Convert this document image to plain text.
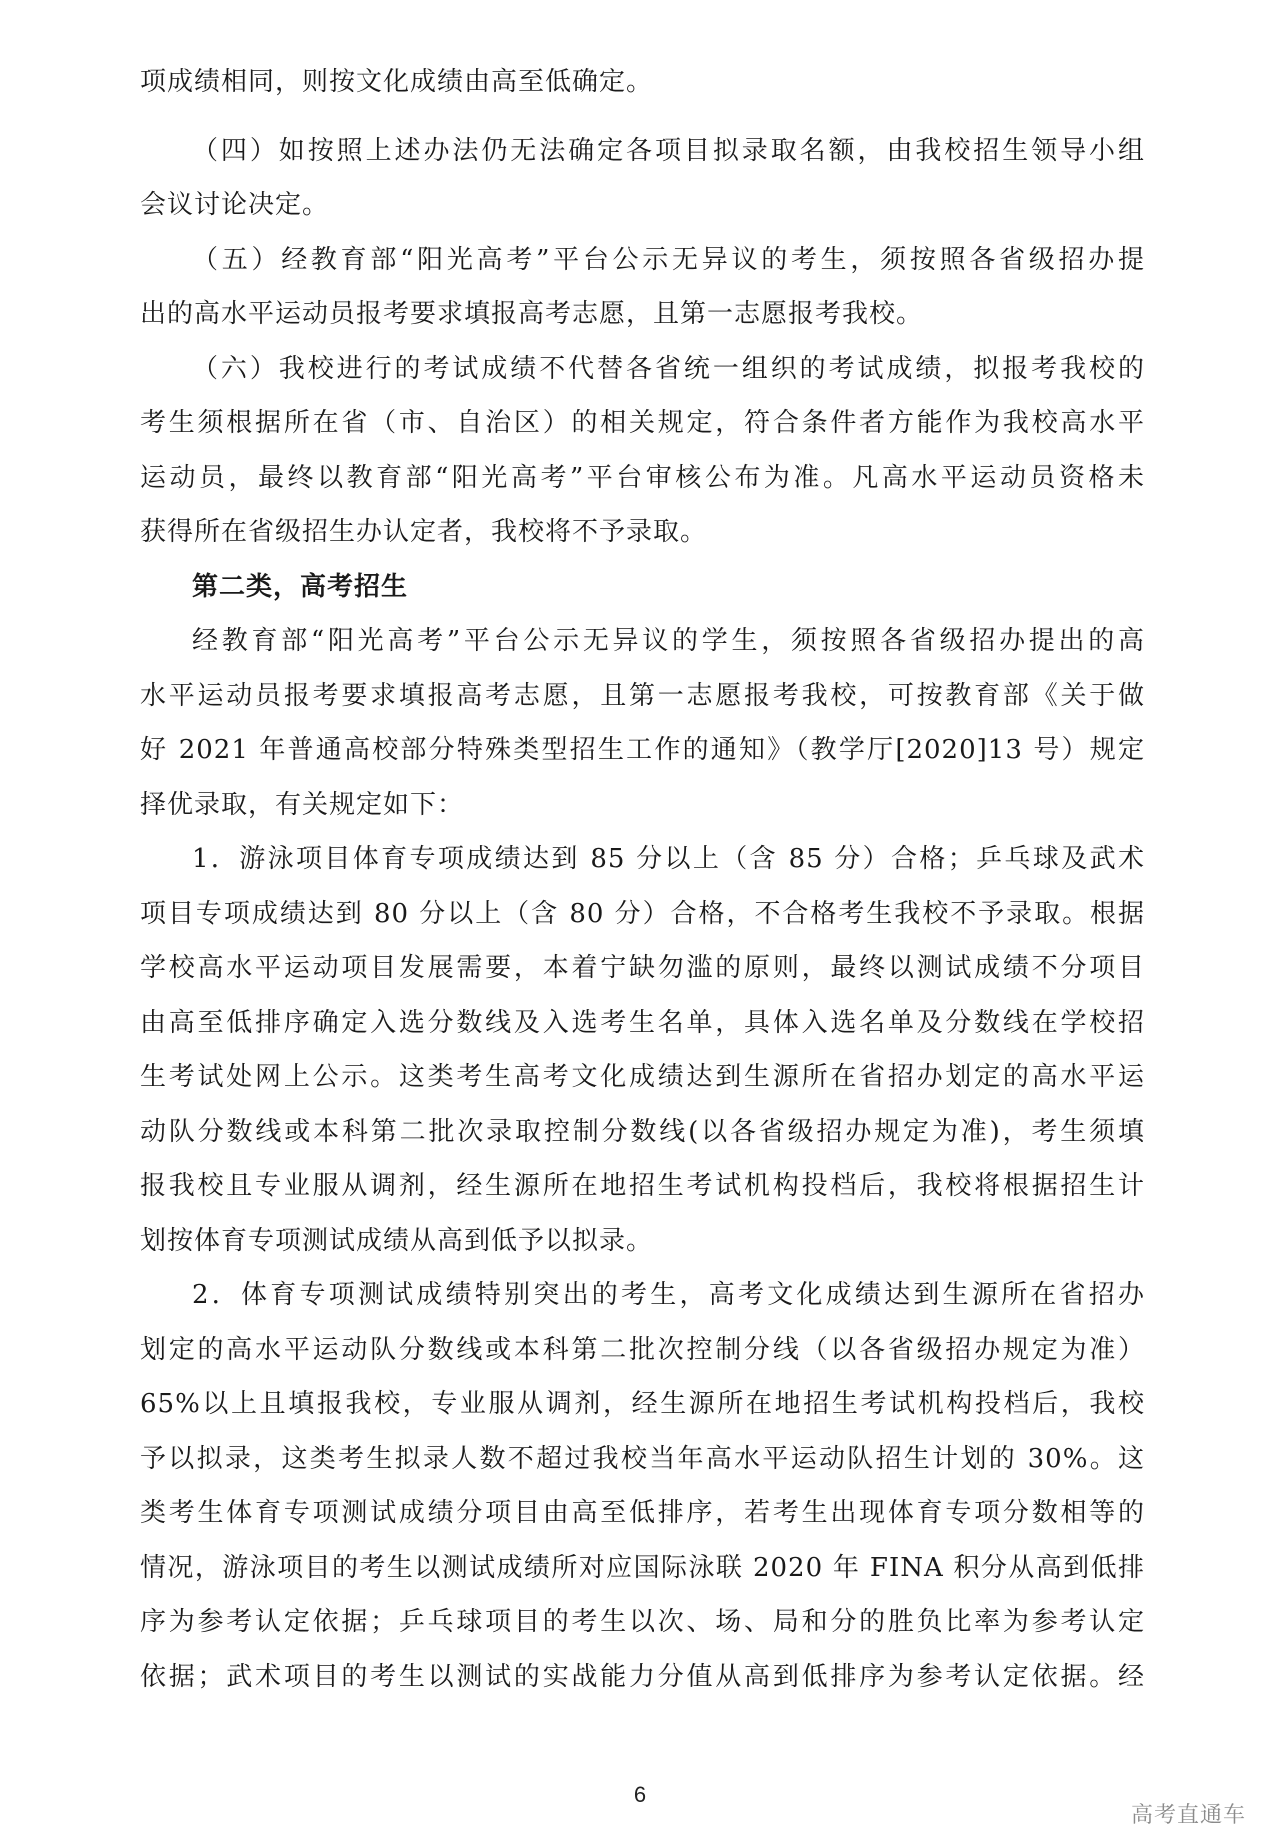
项成绩相同，则按文化成绩由高至低确定。
（四）如按照上述办法仍无法确定各项目拟录取名额，由我校招生领导小组
会议讨论决定。
（五）经教育部“阳光高考”平台公示无异议的考生，须按照各省级招办提
出的高水平运动员报考要求填报高考志愿，且第一志愿报考我校。
（六）我校进行的考试成绩不代替各省统一组织的考试成绩，拟报考我校的
考生须根据所在省（市、自治区）的相关规定，符合条件者方能作为我校高水平
运动员，最终以教育部“阳光高考”平台审核公布为准。凡高水平运动员资格未
获得所在省级招生办认定者，我校将不予录取。
第二类，高考招生
经教育部“阳光高考”平台公示无异议的学生，须按照各省级招办提出的高
水平运动员报考要求填报高考志愿，且第一志愿报考我校，可按教育部《关于做
好 2021 年普通高校部分特殊类型招生工作的通知》（教学厅[2020]13 号）规定
择优录取，有关规定如下：
1．游泳项目体育专项成绩达到 85 分以上（含 85 分）合格；乒乓球及武术
项目专项成绩达到 80 分以上（含 80 分）合格，不合格考生我校不予录取。根据
学校高水平运动项目发展需要，本着宁缺勿滥的原则，最终以测试成绩不分项目
由高至低排序确定入选分数线及入选考生名单，具体入选名单及分数线在学校招
生考试处网上公示。这类考生高考文化成绩达到生源所在省招办划定的高水平运
动队分数线或本科第二批次录取控制分数线(以各省级招办规定为准)，考生须填
报我校且专业服从调剂，经生源所在地招生考试机构投档后，我校将根据招生计
划按体育专项测试成绩从高到低予以拟录。
2．体育专项测试成绩特别突出的考生，高考文化成绩达到生源所在省招办
划定的高水平运动队分数线或本科第二批次控制分线（以各省级招办规定为准）
65%以上且填报我校，专业服从调剂，经生源所在地招生考试机构投档后，我校
予以拟录，这类考生拟录人数不超过我校当年高水平运动队招生计划的 30%。这
类考生体育专项测试成绩分项目由高至低排序，若考生出现体育专项分数相等的
情况，游泳项目的考生以测试成绩所对应国际泳联 2020 年 FINA 积分从高到低排
序为参考认定依据；乒乓球项目的考生以次、场、局和分的胜负比率为参考认定
依据；武术项目的考生以测试的实战能力分值从高到低排序为参考认定依据。经
6
高考直通车
